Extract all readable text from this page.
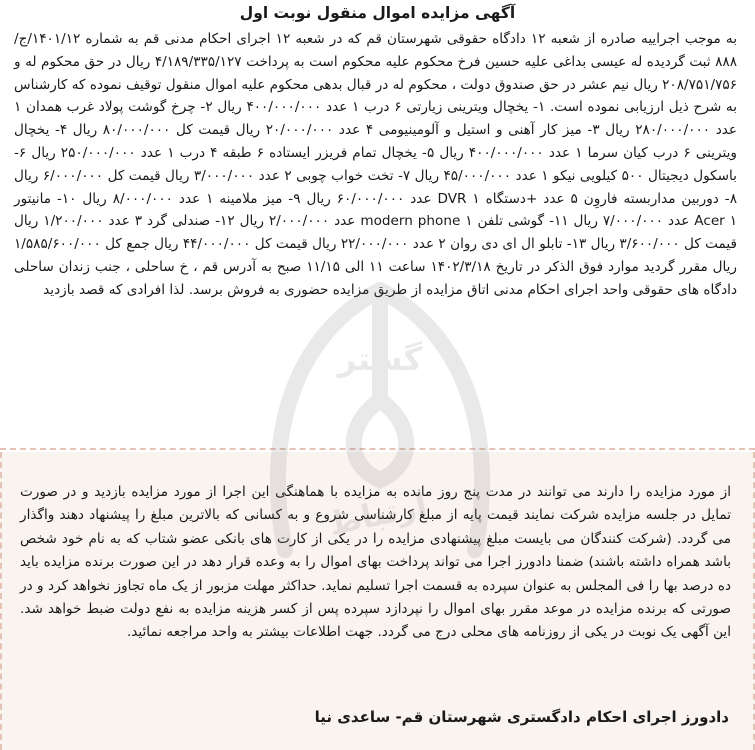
آگهی مزایده اموال منقول نوبت اول
به موجب اجراییه صادره از شعبه ۱۲ دادگاه حقوقی شهرستان قم که در شعبه ۱۲ اجرای احکام مدنی قم به شماره ۱۴۰۱/۱۲/ج/۸۸۸ ثبت گردیده له عیسی بداغی علیه حسین فرخ محکوم علیه محکوم است به پرداخت ۴/۱۸۹/۳۳۵/۱۲۷ ریال در حق محکوم له و ۲۰۸/۷۵۱/۷۵۶ ریال نیم عشر در حق صندوق دولت ، محکوم له در قبال بدهی محکوم علیه اموال منقول توقیف نموده که کارشناس به شرح ذیل ارزیابی نموده است. ۱- یخچال ویترینی زیارتی ۶ درب ۱ عدد ۴۰۰/۰۰۰/۰۰۰ ریال ۲- چرخ گوشت پولاد غرب همدان ۱ عدد ۲۸۰/۰۰۰/۰۰۰ ریال ۳- میز کار آهنی و استیل و آلومینیومی ۴ عدد ۲۰/۰۰۰/۰۰۰ ریال قیمت کل ۸۰/۰۰۰/۰۰۰ ریال ۴- یخچال ویترینی ۶ درب کیان سرما ۱ عدد ۴۰۰/۰۰۰/۰۰۰ ریال ۵- یخچال تمام فریزر ایستاده ۶ طبقه ۴ درب ۱ عدد ۲۵۰/۰۰۰/۰۰۰ ریال ۶- باسکول دیجیتال ۵۰۰ کیلویی نیکو ۱ عدد ۴۵/۰۰۰/۰۰۰ ریال ۷- تخت خواب چوبی ۲ عدد ۳/۰۰۰/۰۰۰ ریال قیمت کل ۶/۰۰۰/۰۰۰ ریال ۸- دوربین مداربسته فاروِن ۵ عدد +دستگاه DVR ۱ عدد ۶۰/۰۰۰/۰۰۰ ریال ۹- میز ملامینه ۱ عدد ۸/۰۰۰/۰۰۰ ریال ۱۰- مانیتور Acer ۱ عدد ۷/۰۰۰/۰۰۰ ریال ۱۱- گوشی تلفن modern phone ۱ عدد ۲/۰۰۰/۰۰۰ ریال ۱۲- صندلی گرد ۳ عدد ۱/۲۰۰/۰۰۰ ریال قیمت کل ۳/۶۰۰/۰۰۰ ریال ۱۳- تابلو ال ای دی روان ۲ عدد ۲۲/۰۰۰/۰۰۰ ریال قیمت کل ۴۴/۰۰۰/۰۰۰ ریال جمع کل ۱/۵۸۵/۶۰۰/۰۰۰ ریال مقرر گردید موارد فوق الذکر در تاریخ ۱۴۰۲/۳/۱۸ ساعت ۱۱ الی ۱۱/۱۵ صبح به آدرس قم ، خ ساحلی ، جنب زندان ساحلی دادگاه های حقوقی واحد اجرای احکام مدنی اتاق مزایده از طریق مزایده حضوری به فروش برسد. لذا افرادی که قصد بازدید
از مورد مزایده را دارند می توانند در مدت پنج روز مانده به مزایده با هماهنگی این اجرا از مورد مزایده بازدید و در صورت تمایل در جلسه مزایده شرکت نمایند قیمت پایه از مبلغ کارشناسی شروع و به کسانی که بالاترین مبلغ را پیشنهاد دهند واگذار می گردد. (شرکت کنندگان می بایست مبلغ پیشنهادی مزایده را در یکی از کارت های بانکی عضو شتاب که به نام خود شخص باشد همراه داشته باشند) ضمنا دادورز اجرا می تواند پرداخت بهای اموال را به وعده قرار دهد در این صورت برنده مزایده باید ده درصد بها را فی المجلس به عنوان سپرده به قسمت اجرا تسلیم نماید. حداکثر مهلت مزبور از یک ماه تجاوز نخواهد کرد و در صورتی که برنده مزایده در موعد مقرر بهای اموال را نپردازد سپرده پس از کسر هزینه مزایده به نفع دولت ضبط خواهد شد. این آگهی یک نوبت در یکی از روزنامه های محلی درج می گردد. جهت اطلاعات بیشتر به واحد مراجعه نمائید.
دادورز اجرای احکام دادگستری شهرستان قم- ساعدی نیا
